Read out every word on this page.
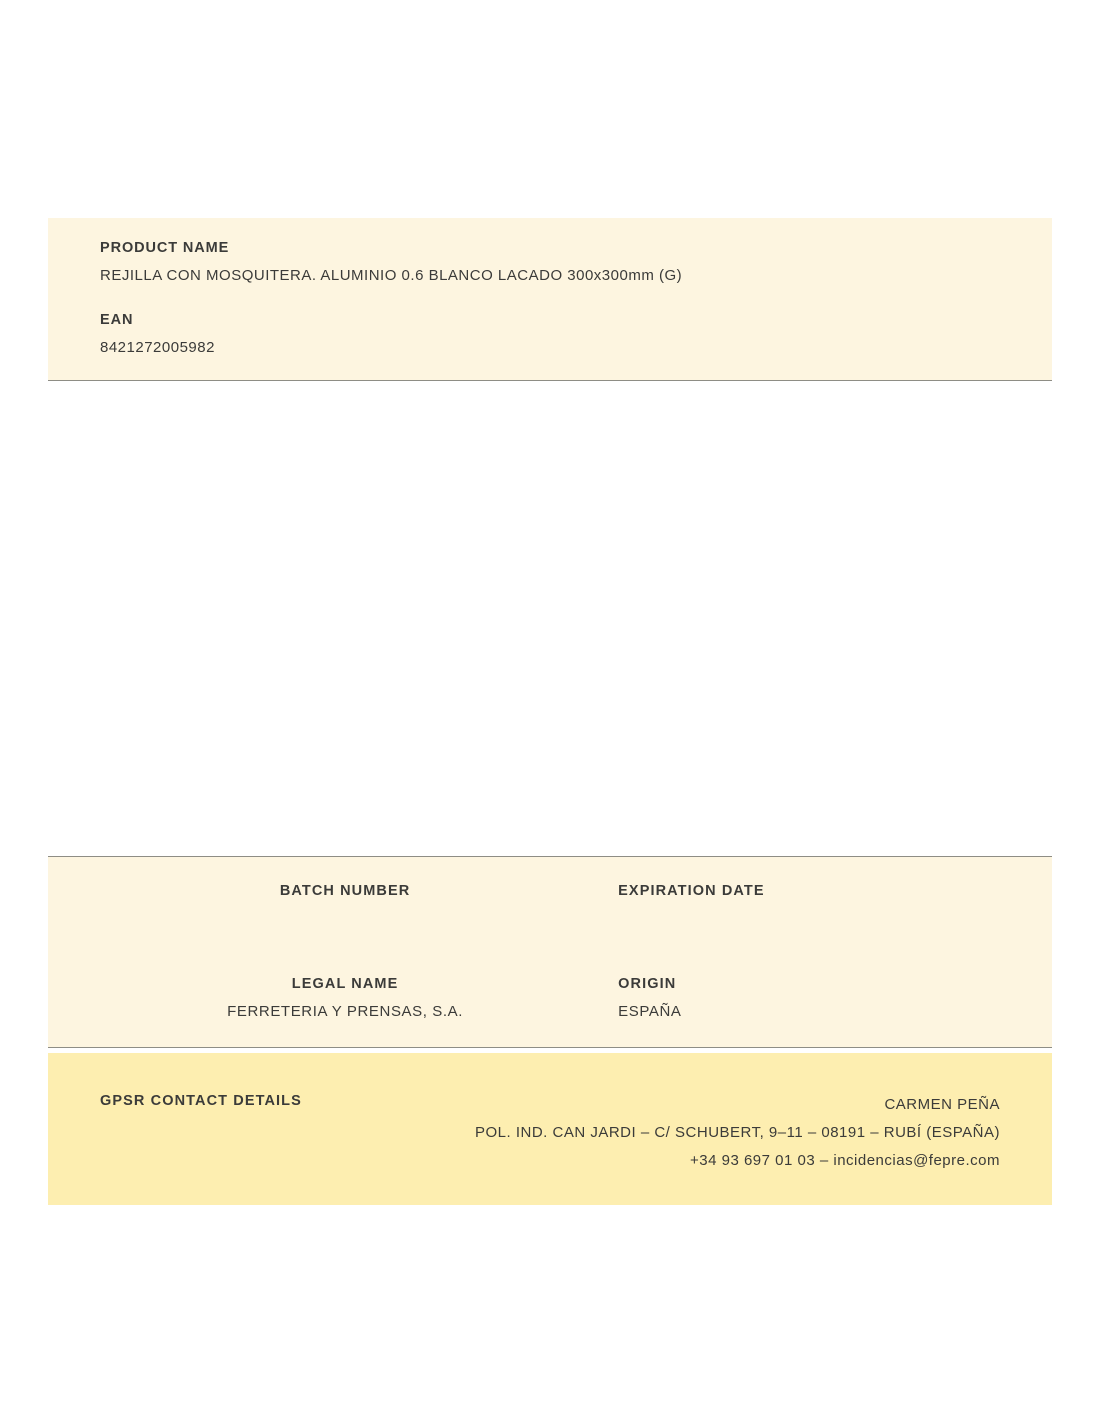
PRODUCT NAME
REJILLA CON MOSQUITERA. ALUMINIO 0.6 BLANCO LACADO 300x300mm (G)
EAN
8421272005982
BATCH NUMBER	EXPIRATION DATE
LEGAL NAME
FERRETERIA Y PRENSAS, S.A.
ORIGIN
ESPAÑA
GPSR CONTACT DETAILS	CARMEN PEÑA
POL. IND. CAN JARDI – C/ SCHUBERT, 9–11 – 08191 – RUBÍ (ESPAÑA)
+34 93 697 01 03 – incidencias@fepre.com
